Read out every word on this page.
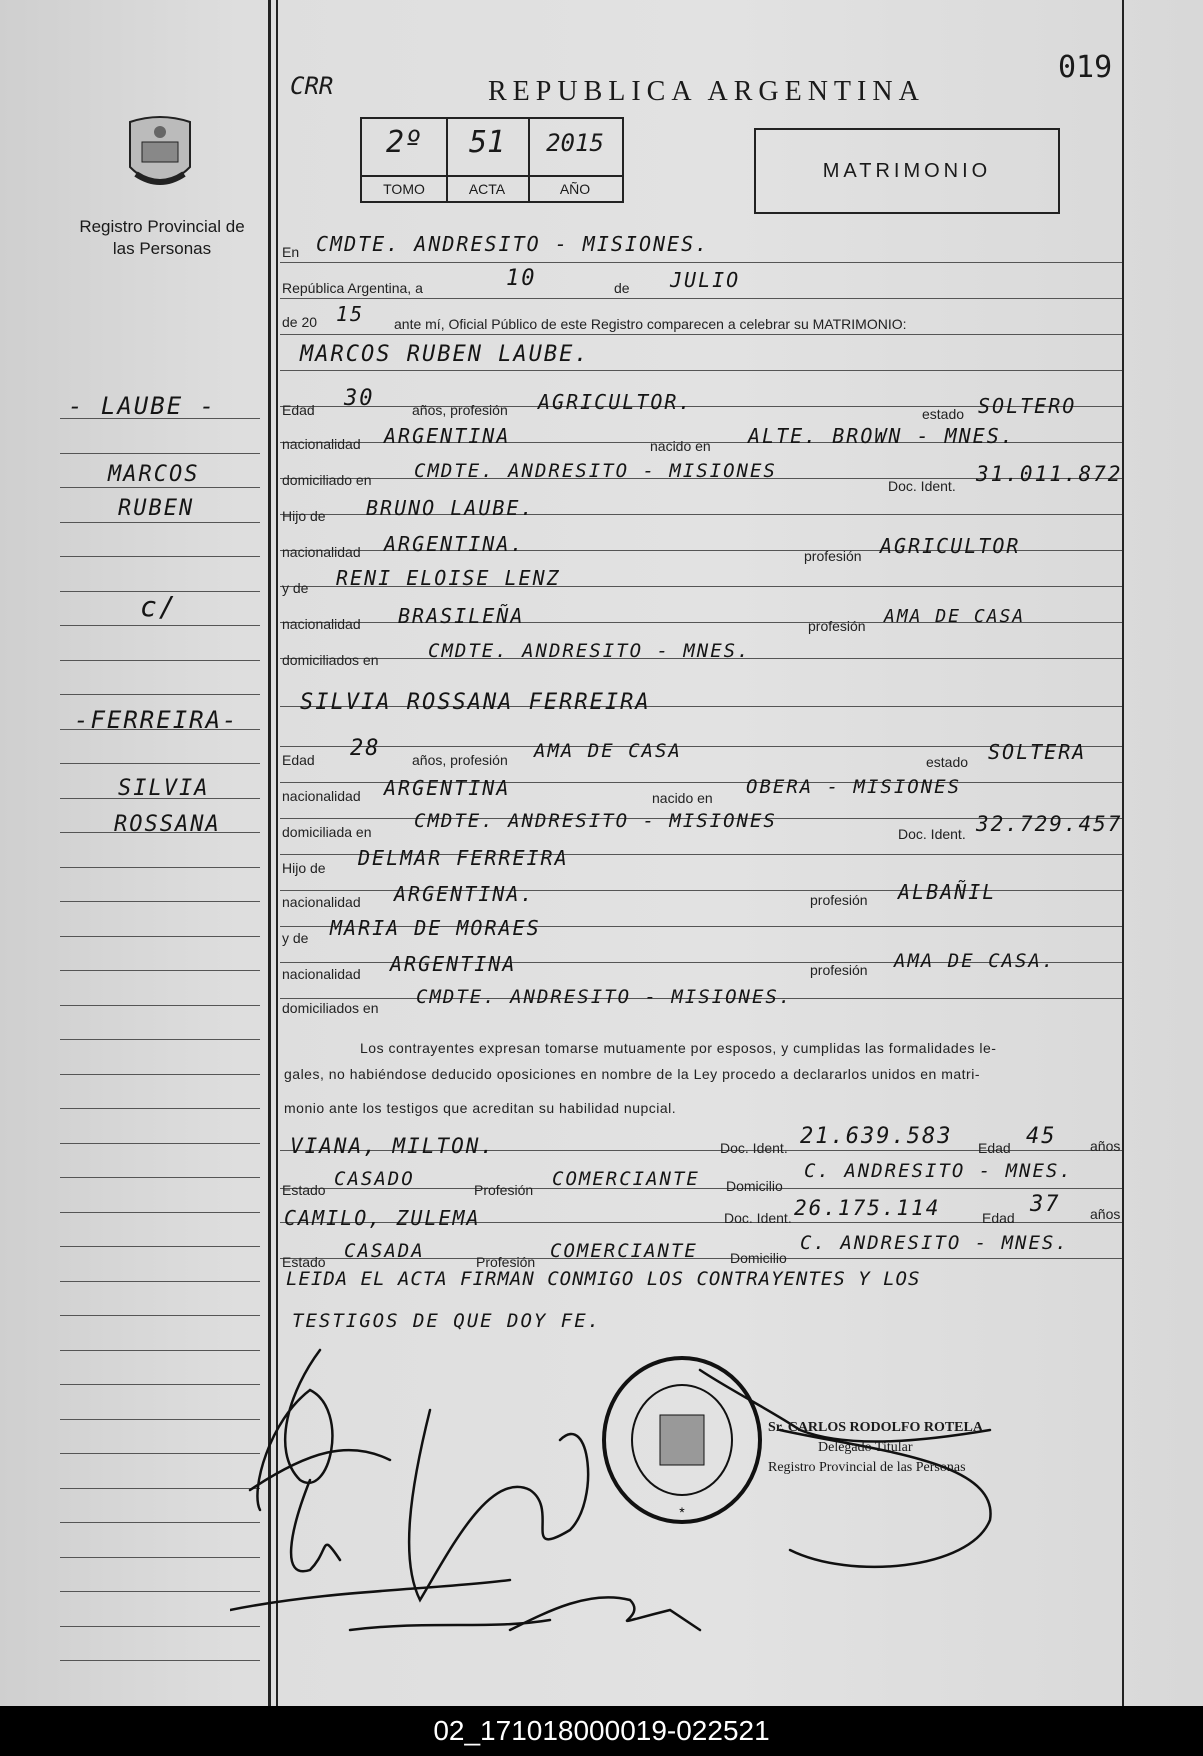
CRR	REPUBLICA ARGENTINA
019
Registro Provincial de las Personas
2º
TOMO
51
ACTA
2015
AÑO
MATRIMONIO
- LAUBE -
MARCOS
RUBEN
c/
-FERREIRA-
SILVIA
ROSSANA
En CMDTE. ANDRESITO - MISIONES.
República Argentina, a	10	de JULIO
de 20 15 ante mí, Oficial Público de este Registro comparecen a celebrar su MATRIMONIO:
MARCOS RUBEN LAUBE.
Edad 30	años, profesión AGRICULTOR.	estado SOLTERO
nacionalidad ARGENTINA	nacido en ALTE. BROWN - MNES.
domiciliado en CMDTE. ANDRESITO - MISIONES
Doc. Ident. 31.011.872
Hijo de BRUNO LAUBE.
nacionalidad ARGENTINA.	profesión AGRICULTOR
y de RENI ELOISE LENZ
nacionalidad BRASILEÑA	profesión AMA DE CASA
domiciliados en	CMDTE. ANDRESITO - MNES.
SILVIA ROSSANA FERREIRA
Edad 28 años, profesión AMA DE CASA	estado SOLTERA
nacionalidad ARGENTINA	nacido en OBERA - MISIONES
domiciliada en CMDTE. ANDRESITO - MISIONES
Doc. Ident. 32.729.457
Hijo de DELMAR FERREIRA
nacionalidad ARGENTINA.	profesión ALBAÑIL
y de MARIA DE MORAES
nacionalidad ARGENTINA	profesión AMA DE CASA.
domiciliados en CMDTE. ANDRESITO - MISIONES.
Los contrayentes expresan tomarse mutuamente por esposos, y cumplidas las formalidades le-
gales, no habiéndose deducido oposiciones en nombre de la Ley procedo a declararlos unidos en matri-
monio ante los testigos que acreditan su habilidad nupcial.
VIANA, MILTON.	Doc. Ident. 21.639.583 Edad 45 años
Estado CASADO	Profesión COMERCIANTE Domicilio
C. ANDRESITO - MNES.
CAMILO, ZULEMA	Doc. Ident. 26.175.114	Edad
37 años
Estado CASADA	Profesión COMERCIANTE Domicilio
C. ANDRESITO - MNES.
LEIDA EL ACTA FIRMAN CONMIGO LOS CONTRAYENTES Y LOS
TESTIGOS DE QUE DOY FE.
*
Sr. CARLOS RODOLFO ROTELA
Delegado Titular
Registro Provincial de las Personas
02_171018000019-022521
